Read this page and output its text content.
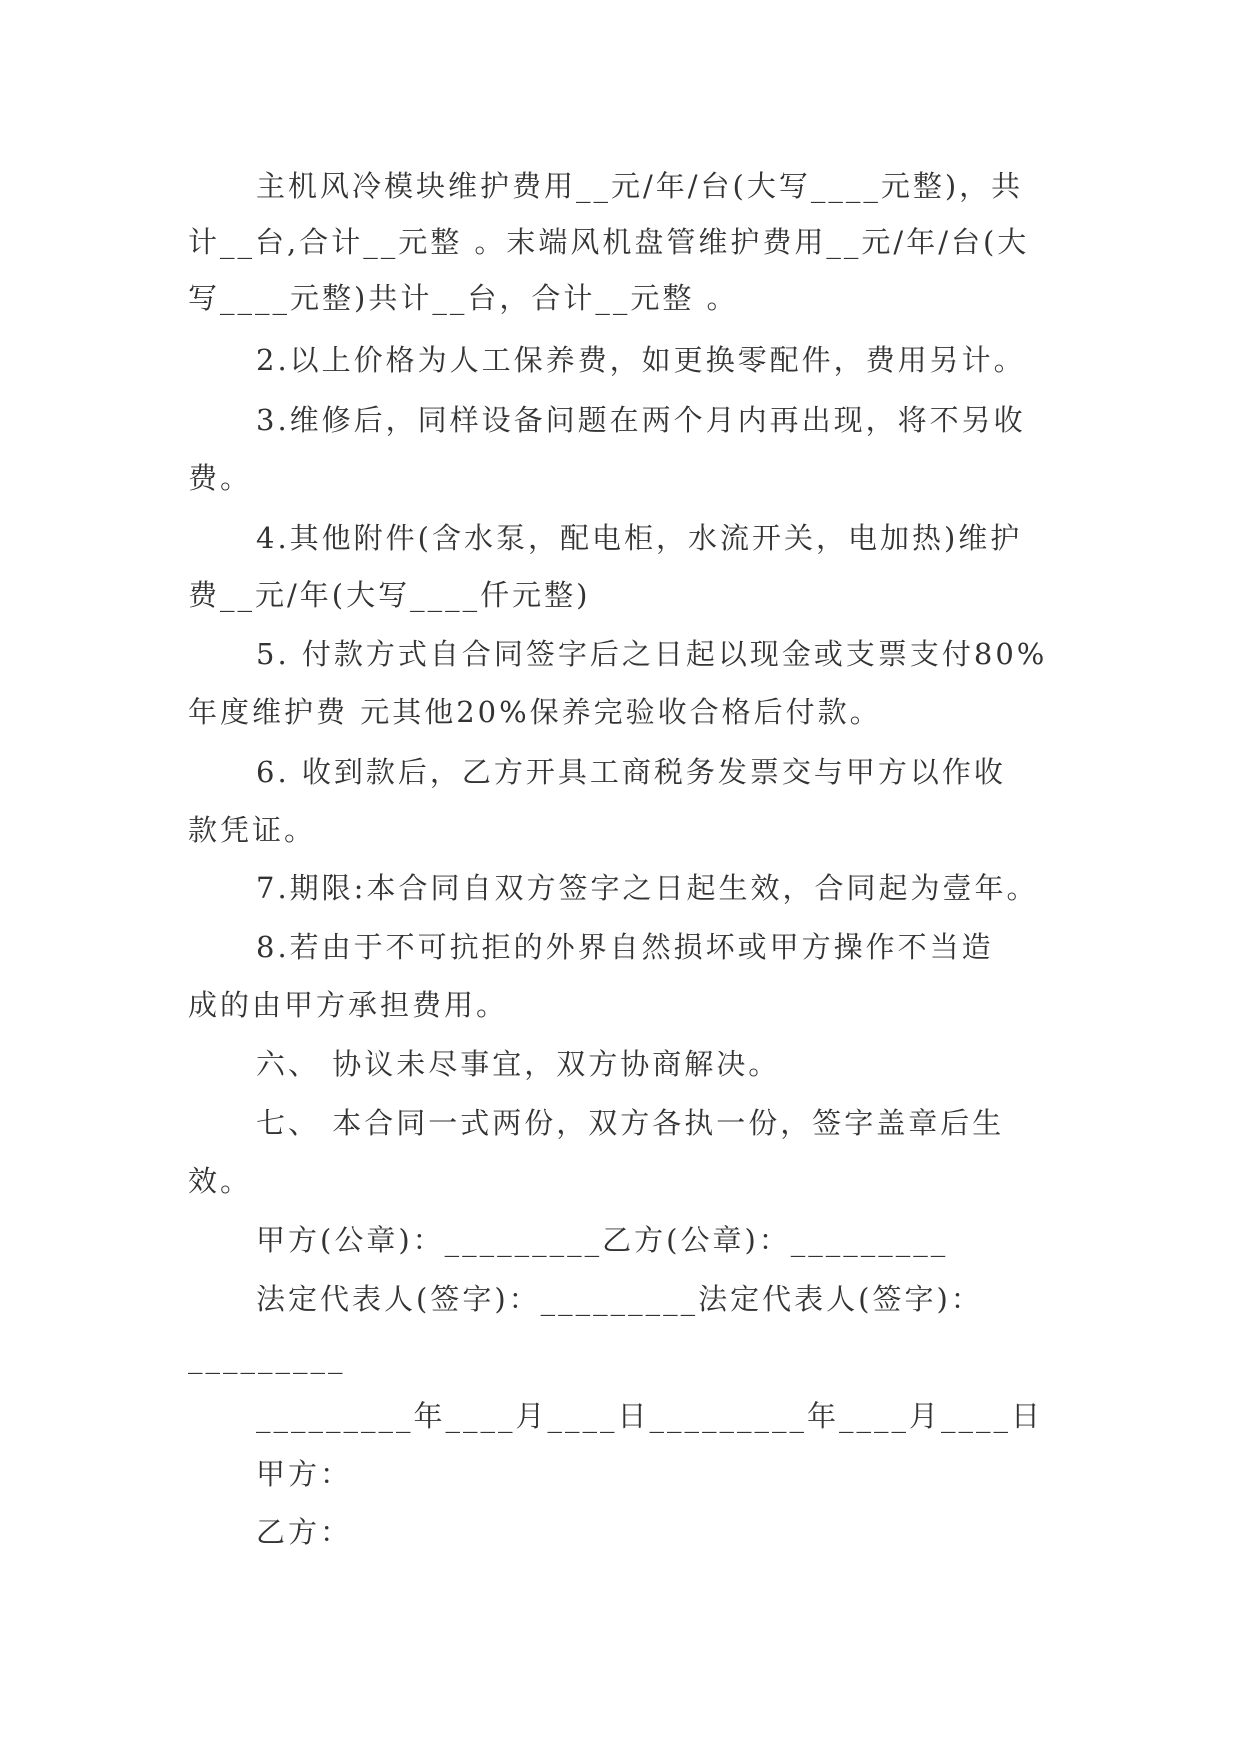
主机风冷模块维护费用__元/年/台(大写____元整)，共
计__台,合计__元整 。末端风机盘管维护费用__元/年/台(大
写____元整)共计__台，合计__元整 。
2.以上价格为人工保养费，如更换零配件，费用另计。
3.维修后，同样设备问题在两个月内再出现，将不另收
费。
4.其他附件(含水泵，配电柜，水流开关，电加热)维护
费__元/年(大写____仟元整)
5. 付款方式自合同签字后之日起以现金或支票支付80%
年度维护费 元其他20%保养完验收合格后付款。
6. 收到款后，乙方开具工商税务发票交与甲方以作收
款凭证。
7.期限:本合同自双方签字之日起生效，合同起为壹年。
8.若由于不可抗拒的外界自然损坏或甲方操作不当造
成的由甲方承担费用。
六、 协议未尽事宜，双方协商解决。
七、 本合同一式两份，双方各执一份，签字盖章后生
效。
甲方(公章)：_________乙方(公章)：_________
法定代表人(签字)：_________法定代表人(签字)：
_________
_________年____月____日_________年____月____日
甲方：
乙方：
